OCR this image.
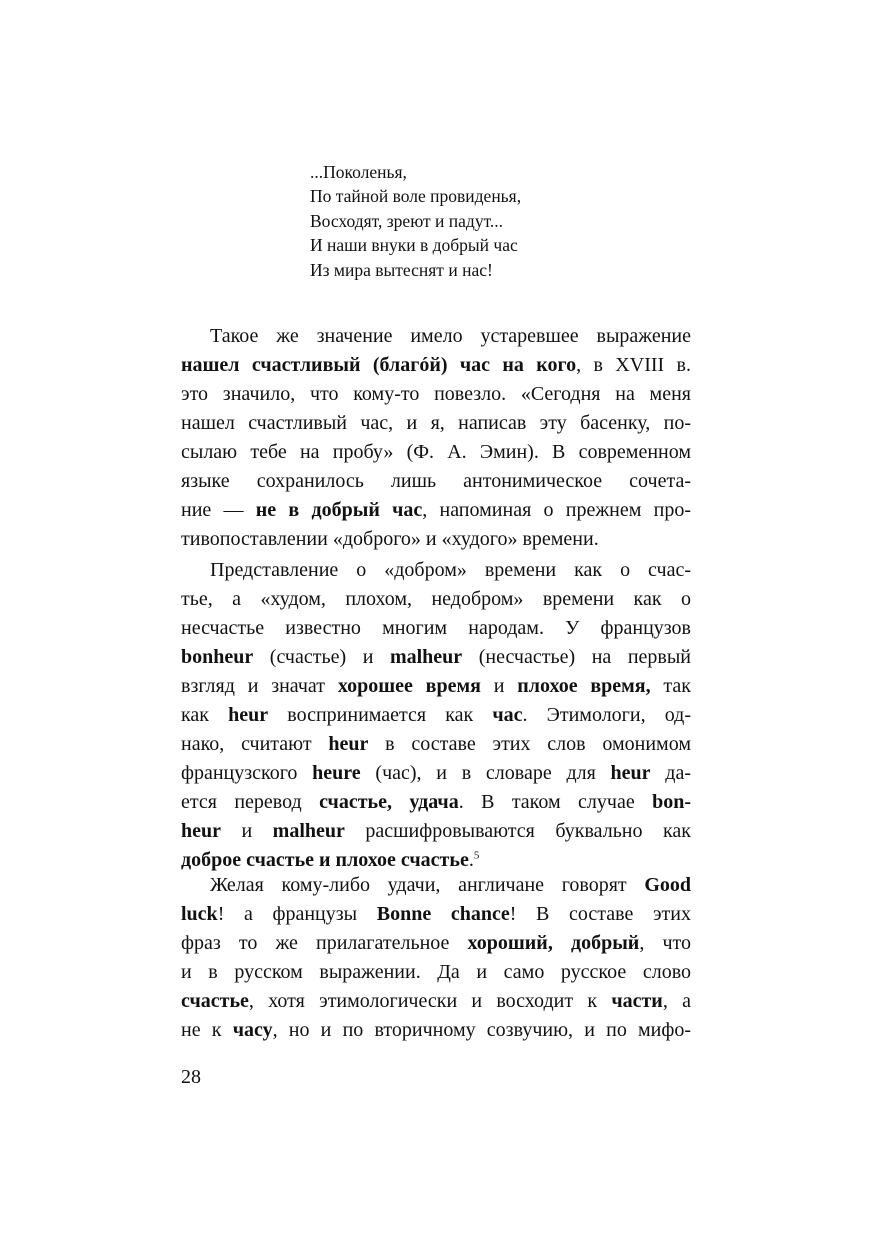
...Поколенья,
По тайной воле провиденья,
Восходят, зреют и падут...
И наши внуки в добрый час
Из мира вытеснят и нас!
Такое же значение имело устаревшее выражение
нашел счастливый (благóй) час на кого, в XVIII в.
это значило, что кому-то повезло. «Сегодня на меня
нашел счастливый час, и я, написав эту басенку, по-
сылаю тебе на пробу» (Ф. А. Эмин). В современном
языке сохранилось лишь антонимическое сочета-
ние — не в добрый час, напоминая о прежнем про-
тивопоставлении «доброго» и «худого» времени.
Представление о «добром» времени как о счас-
тье, а «худом, плохом, недобром» времени как о
несчастье известно многим народам. У французов
bonheur (счастье) и malheur (несчастье) на первый
взгляд и значат хорошее время и плохое время, так
как heur воспринимается как час. Этимологи, од-
нако, считают heur в составе этих слов омонимом
французского heure (час), и в словаре для heur да-
ется перевод счастье, удача. В таком случае bon-
heur и malheur расшифровываются буквально как
доброе счастье и плохое счастье.$^5$
Желая кому-либо удачи, англичане говорят Good
luck! а французы Bonne chance! В составе этих
фраз то же прилагательное хороший, добрый, что
и в русском выражении. Да и само русское слово
счастье, хотя этимологически и восходит к части, а
не к часу, но и по вторичному созвучию, и по мифо-
28
